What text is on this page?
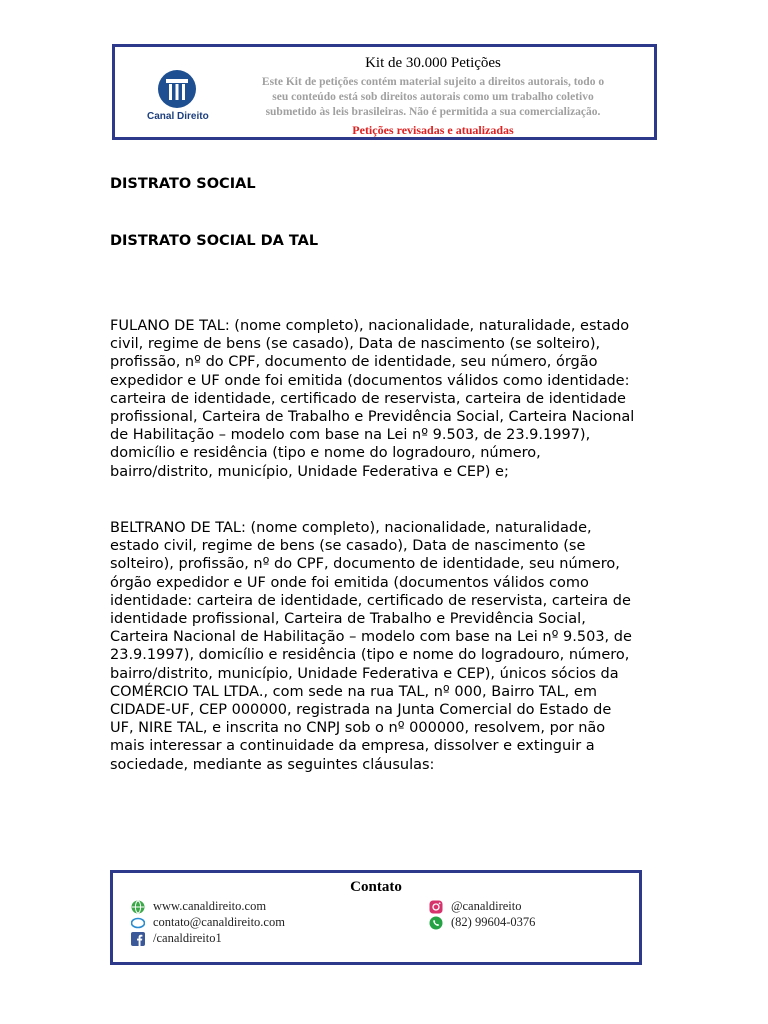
Canal Direito
Kit de 30.000 Petições
Este Kit de petições contém material sujeito a direitos autorais, todo o
seu conteúdo está sob direitos autorais como um trabalho coletivo
submetido às leis brasileiras. Não é permitida a sua comercialização.
Petições revisadas e atualizadas
DISTRATO SOCIAL
DISTRATO SOCIAL DA TAL

FULANO DE TAL: (nome completo), nacionalidade, naturalidade, estado civil, regime de bens (se casado), Data de nascimento (se solteiro), profissão, nº do CPF, documento de identidade, seu número, órgão expedidor e UF onde foi emitida (documentos válidos como identidade: carteira de identidade, certificado de reservista, carteira de identidade profissional, Carteira de Trabalho e Previdência Social, Carteira Nacional de Habilitação – modelo com base na Lei nº 9.503, de 23.9.1997), domicílio e residência (tipo e nome do logradouro, número, bairro/distrito, município, Unidade Federativa e CEP) e;

BELTRANO DE TAL: (nome completo), nacionalidade, naturalidade, estado civil, regime de bens (se casado), Data de nascimento (se solteiro), profissão, nº do CPF, documento de identidade, seu número, órgão expedidor e UF onde foi emitida (documentos válidos como identidade: carteira de identidade, certificado de reservista, carteira de identidade profissional, Carteira de Trabalho e Previdência Social, Carteira Nacional de Habilitação – modelo com base na Lei nº 9.503, de 23.9.1997), domicílio e residência (tipo e nome do logradouro, número, bairro/distrito, município, Unidade Federativa e CEP), únicos sócios da COMÉRCIO TAL LTDA., com sede na rua TAL, nº 000, Bairro TAL, em CIDADE-UF, CEP 000000, registrada na Junta Comercial do Estado de UF, NIRE TAL, e inscrita no CNPJ sob o nº 000000, resolvem, por não mais interessar a continuidade da empresa, dissolver e extinguir a sociedade, mediante as seguintes cláusulas:

Contato
www.canaldireito.com
contato@canaldireito.com
/canaldireito1
@canaldireito
(82) 99604-0376
